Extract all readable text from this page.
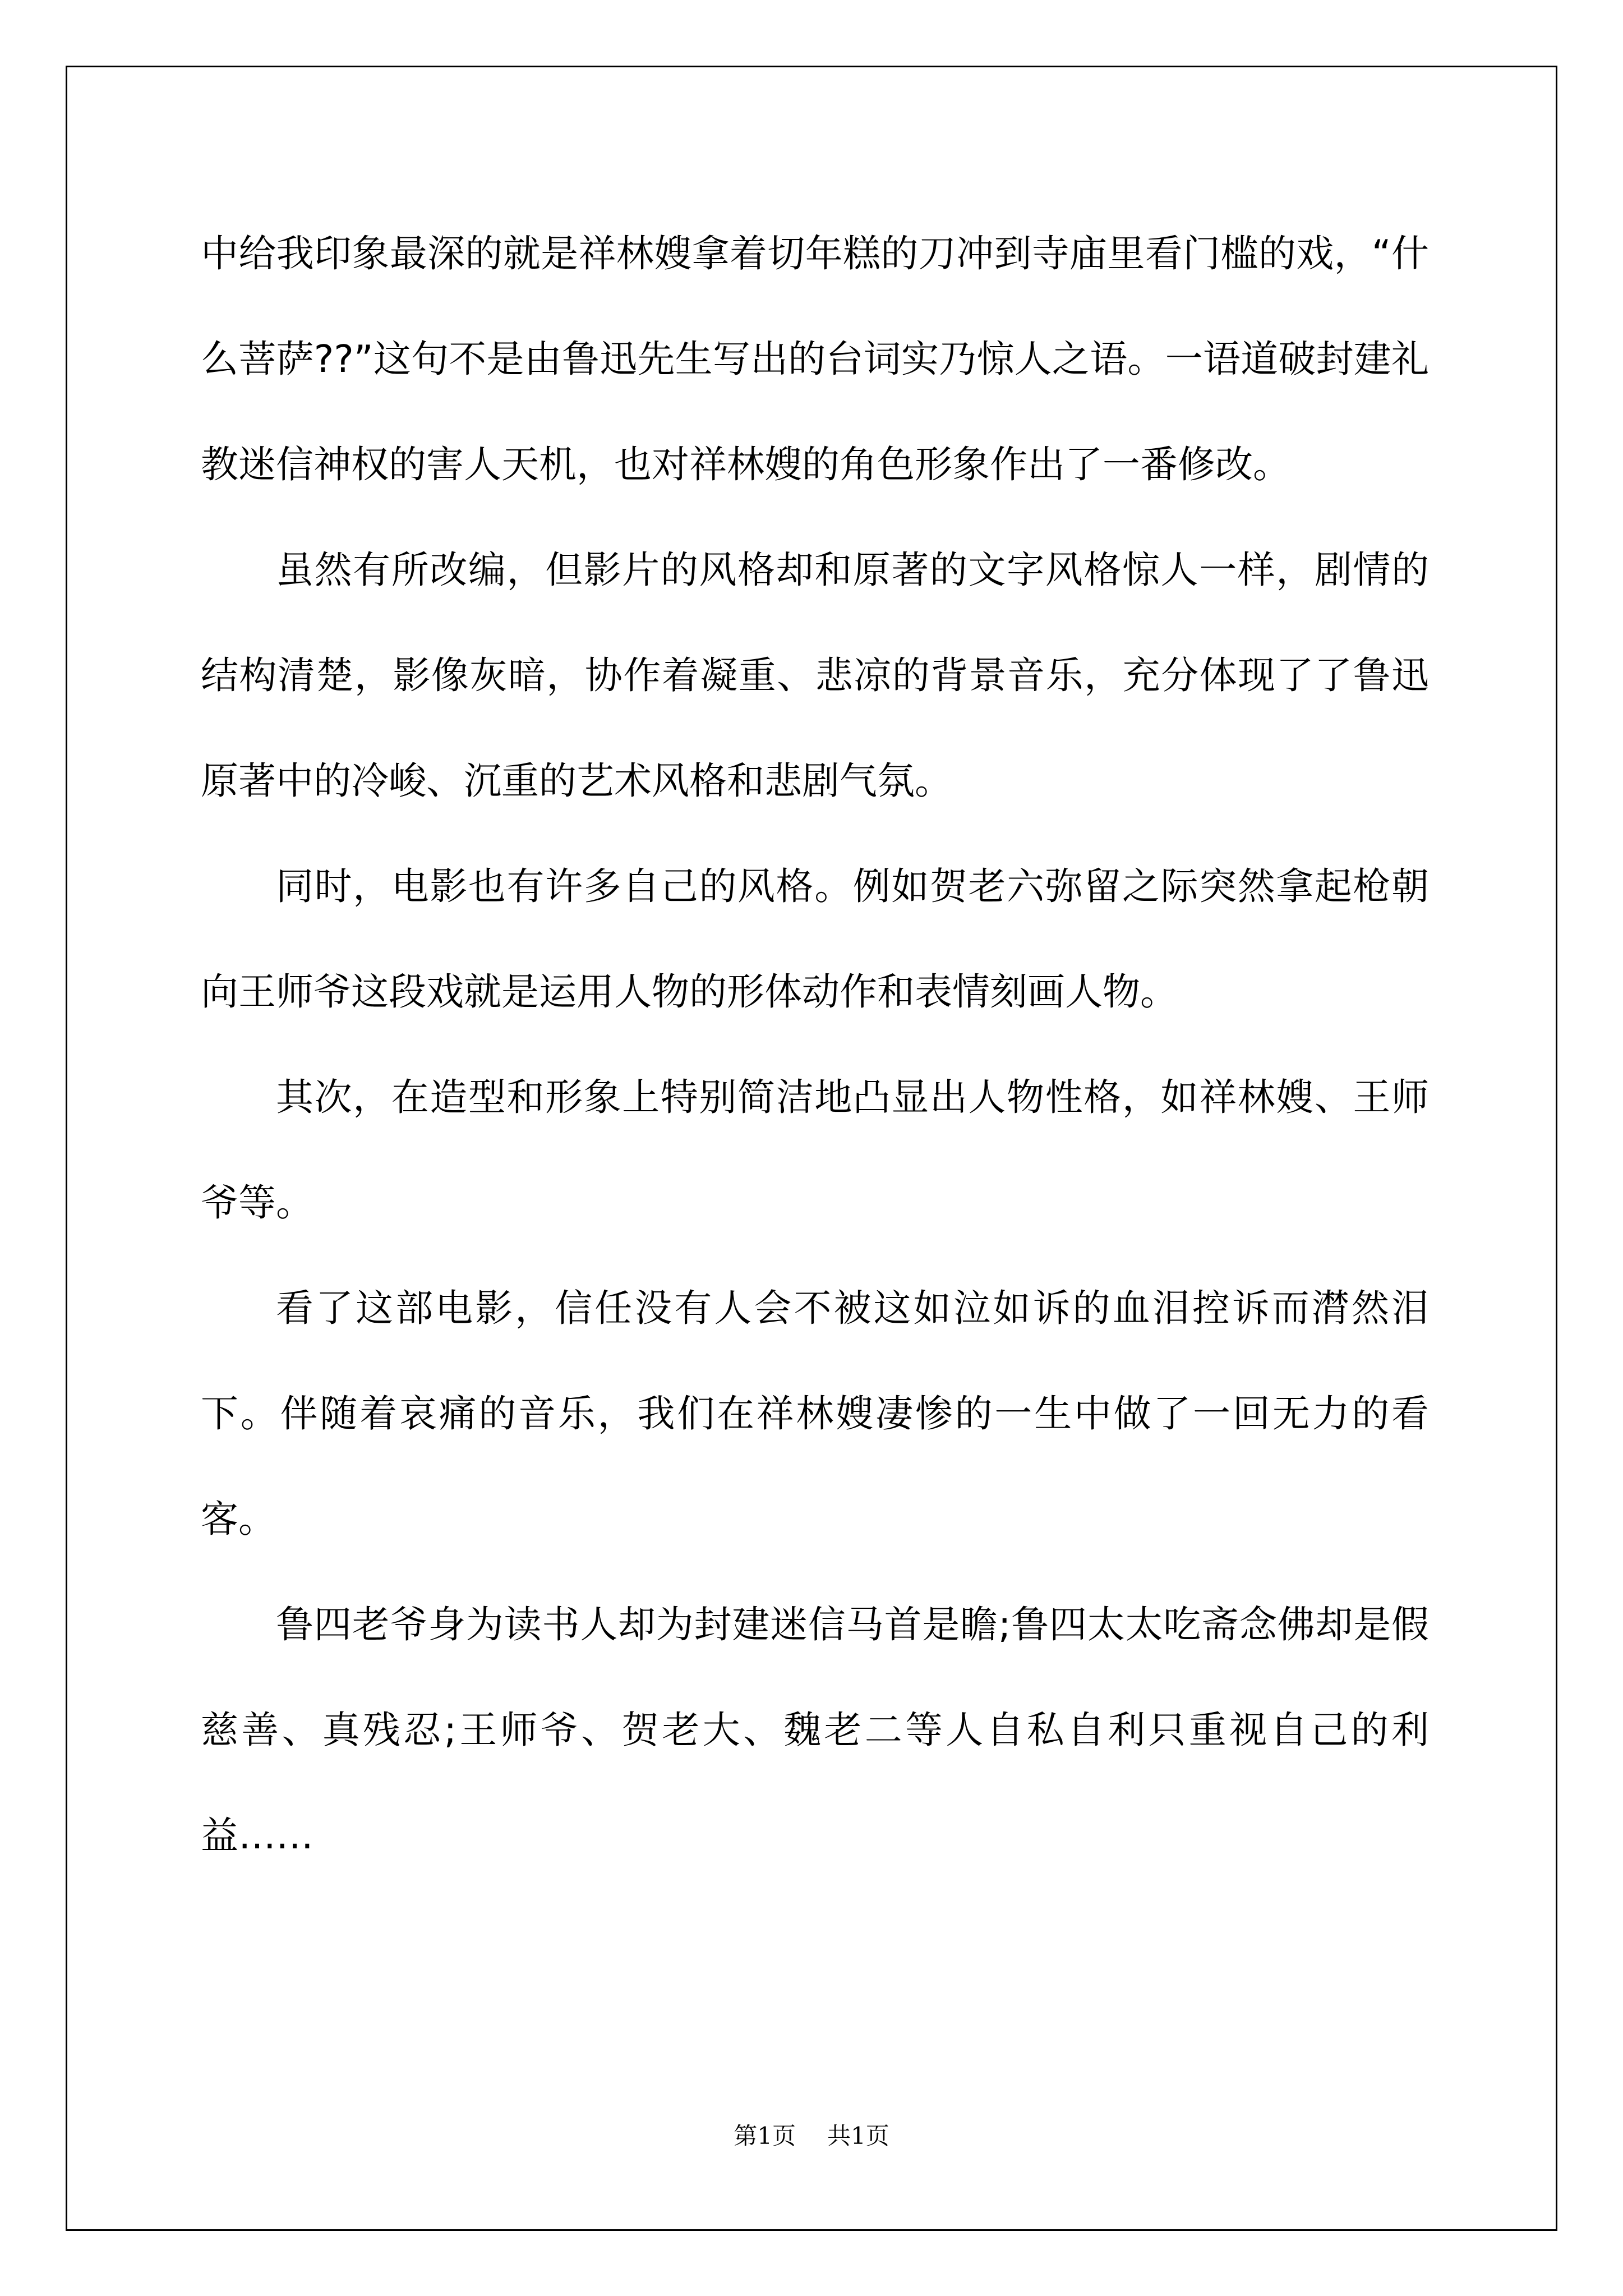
中给我印象最深的就是祥林嫂拿着切年糕的刀冲到寺庙里看门槛的戏，“什么菩萨??”这句不是由鲁迅先生写出的台词实乃惊人之语。一语道破封建礼教迷信神权的害人天机，也对祥林嫂的角色形象作出了一番修改。

虽然有所改编，但影片的风格却和原著的文字风格惊人一样，剧情的结构清楚，影像灰暗，协作着凝重、悲凉的背景音乐，充分体现了了鲁迅原著中的冷峻、沉重的艺术风格和悲剧气氛。

同时，电影也有许多自己的风格。例如贺老六弥留之际突然拿起枪朝向王师爷这段戏就是运用人物的形体动作和表情刻画人物。

其次，在造型和形象上特别简洁地凸显出人物性格，如祥林嫂、王师爷等。

看了这部电影，信任没有人会不被这如泣如诉的血泪控诉而潸然泪下。伴随着哀痛的音乐，我们在祥林嫂凄惨的一生中做了一回无力的看客。

鲁四老爷身为读书人却为封建迷信马首是瞻;鲁四太太吃斋念佛却是假慈善、真残忍;王师爷、贺老大、魏老二等人自私自利只重视自己的利益……

第1页 共1页
